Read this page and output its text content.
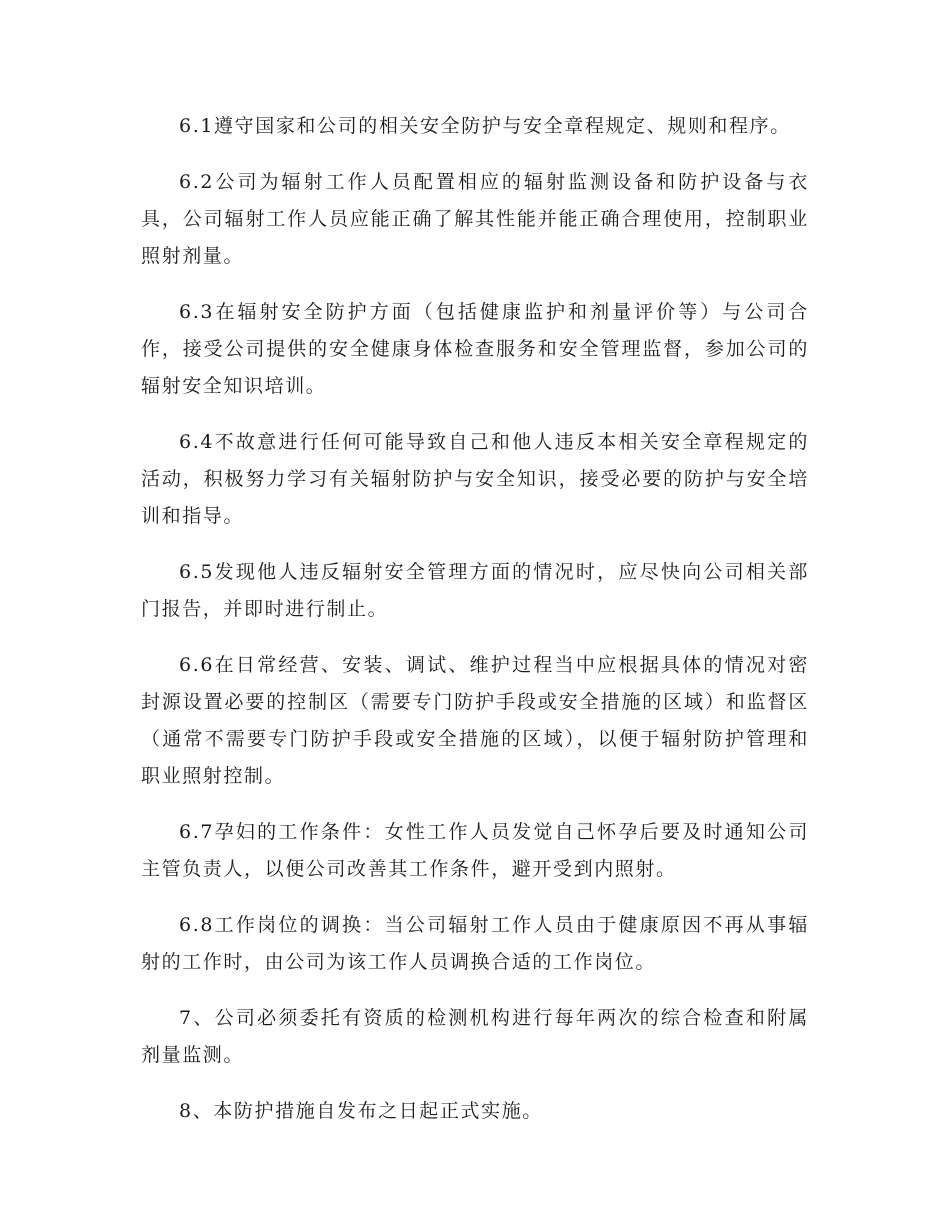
6.1遵守国家和公司的相关安全防护与安全章程规定、规则和程序。

6.2公司为辐射工作人员配置相应的辐射监测设备和防护设备与衣具，公司辐射工作人员应能正确了解其性能并能正确合理使用，控制职业照射剂量。

6.3在辐射安全防护方面（包括健康监护和剂量评价等）与公司合作，接受公司提供的安全健康身体检查服务和安全管理监督，参加公司的辐射安全知识培训。

6.4不故意进行任何可能导致自己和他人违反本相关安全章程规定的活动，积极努力学习有关辐射防护与安全知识，接受必要的防护与安全培训和指导。

6.5发现他人违反辐射安全管理方面的情况时，应尽快向公司相关部门报告，并即时进行制止。

6.6在日常经营、安装、调试、维护过程当中应根据具体的情况对密封源设置必要的控制区（需要专门防护手段或安全措施的区域）和监督区（通常不需要专门防护手段或安全措施的区域），以便于辐射防护管理和职业照射控制。

6.7孕妇的工作条件：女性工作人员发觉自己怀孕后要及时通知公司主管负责人，以便公司改善其工作条件，避开受到内照射。

6.8工作岗位的调换：当公司辐射工作人员由于健康原因不再从事辐射的工作时，由公司为该工作人员调换合适的工作岗位。

7、公司必须委托有资质的检测机构进行每年两次的综合检查和附属剂量监测。

8、本防护措施自发布之日起正式实施。
